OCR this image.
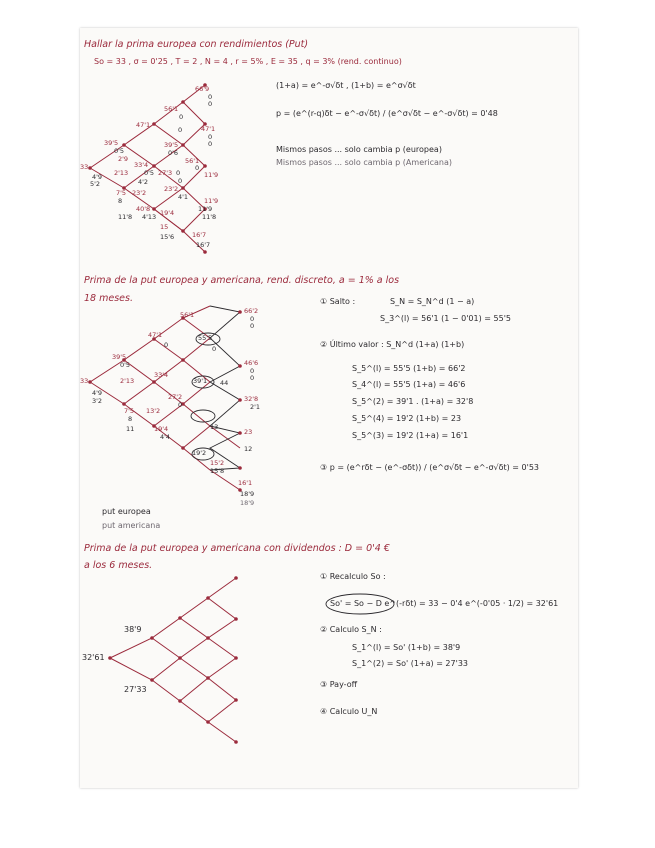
Hallar la prima europea con rendimientos (Put)
So = 33 , σ = 0'25 , T = 2 , N = 4 , r = 5% , E = 35 , q = 3% (rend. continuo)
(1+a) = e^-σ√δt , (1+b) = e^σ√δt
p = (e^(r-q)δt − e^-σ√δt) / (e^σ√δt − e^-σ√δt) = 0'48
Mismos pasos ... solo cambia p (europea)
Mismos pasos ... solo cambia p (Americana)
66'9
0
0
56'1
0
47'1
0	47'1
0
0
39'5
0'5
39'5
0'6
56'1
0
33
2'9
33'4
0'5	0
4'9 2'13	27'3
0
11'9
5'2	4'2
23'2
4'1 11'9
7'5 23'2
11'9
8
40'8
4'13
11'8	19'4	11'8
15
15'6	16'7
16'7
Prima de la put europea y americana, rend. discreto, a = 1% a los
18 meses.	① Salto :	S_N = S_N^d (1 − a)
S_3^(l) = 56'1 (1 − 0'01) = 55'5
② Último valor : S_N^d (1+a) (1+b)
S_5^(l) = 55'5 (1+b) = 66'2
S_4^(l) = 55'5 (1+a) = 46'6
S_5^(2) = 39'1 . (1+a) = 32'8
S_5^(4) = 19'2 (1+b) = 23
S_5^(3) = 19'2 (1+a) = 16'1
③ p = (e^rδt − (e^-σδt)) / (e^σ√δt − e^-σ√δt) = 0'53
66'2
0
0
56'1
55'5
0
47'1
0
46'6
39'5
0'5
0
39'1	0
4'9
33'4
44
2'13
33
3'2	32'8
7'5 13'2
27'2
0	2'1
11	19'4	13
8
23
4'4
19'2	12
15'2
15'8
16'1
18'9
18'9
put europea
put americana
Prima de la put europea y americana con dividendos : D = 0'4 €
a los 6 meses.
① Recalculo So :
So' = So − D e^(-rδt) = 33 − 0'4 e^(-0'05 · 1/2) = 32'61
② Calculo S_N :
S_1^(l) = So' (1+b) = 38'9
S_1^(2) = So' (1+a) = 27'33
③ Pay-off
④ Calculo U_N
38'9
32'61
27'33
